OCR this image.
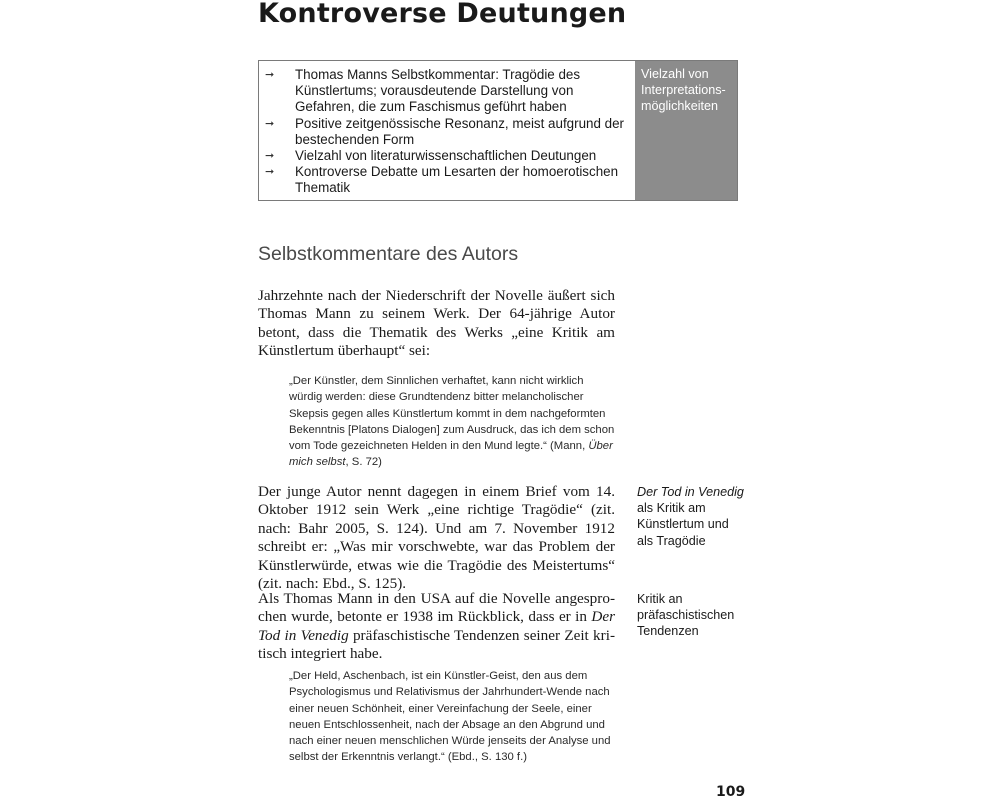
Kontroverse Deutungen
➞	Thomas Manns Selbstkommentar: Tragödie des Künstlertums; vorausdeutende Darstellung von Gefahren, die zum Faschismus geführt haben
➞	Positive zeitgenössische Resonanz, meist aufgrund der bestechenden Form
➞	Vielzahl von literaturwissenschaftlichen Deutungen
➞	Kontroverse Debatte um Lesarten der homoerotischen Thematik
Vielzahl von Interpretationsmöglichkeiten
Selbstkommentare des Autors

Jahrzehnte nach der Niederschrift der Novelle äußert sich Thomas Mann zu seinem Werk. Der 64-jährige Autor betont, dass die Thematik des Werks „eine Kritik am Künstlertum überhaupt“ sei:

„Der Künstler, dem Sinnlichen verhaftet, kann nicht wirklich würdig werden: diese Grundtendenz bitter melancholischer Skepsis gegen alles Künstlertum kommt in dem nachgeformten Bekenntnis [Platons Dialogen] zum Ausdruck, das ich dem schon vom Tode gezeichneten Helden in den Mund legte.“ (Mann, Über mich selbst, S. 72)

Der junge Autor nennt dagegen in einem Brief vom 14. Oktober 1912 sein Werk „eine richtige Tragödie“ (zit. nach: Bahr 2005, S. 124). Und am 7. November 1912 schreibt er: „Was mir vorschwebte, war das Problem der Künstlerwürde, etwas wie die Tragödie des Meistertums“ (zit. nach: Ebd., S. 125).

Als Thomas Mann in den USA auf die Novelle angesprochen wurde, betonte er 1938 im Rückblick, dass er in Der Tod in Venedig präfaschistische Tendenzen seiner Zeit kritisch integriert habe.

„Der Held, Aschenbach, ist ein Künstler-Geist, den aus dem Psychologismus und Relativismus der Jahrhundert-Wende nach einer neuen Schönheit, einer Vereinfachung der Seele, einer neuen Entschlossenheit, nach der Absage an den Abgrund und nach einer neuen menschlichen Würde jenseits der Analyse und selbst der Erkenntnis verlangt.“ (Ebd., S. 130 f.)

Der Tod in Venedig als Kritik am Künstlertum und als Tragödie

Kritik an präfaschistischen Tendenzen

109
